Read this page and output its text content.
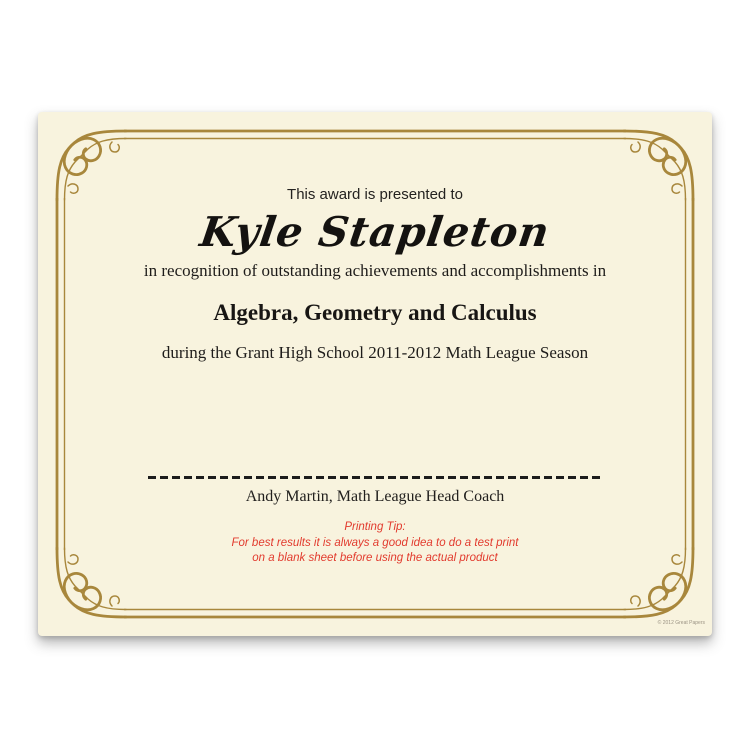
This award is presented to
Kyle Stapleton
in recognition of outstanding achievements and accomplishments in
Algebra, Geometry and Calculus
during the Grant High School 2011-2012 Math League Season
Andy Martin, Math League Head Coach
Printing Tip:
For best results it is always a good idea to do a test print
on a blank sheet before using the actual product
© 2012 Great Papers
